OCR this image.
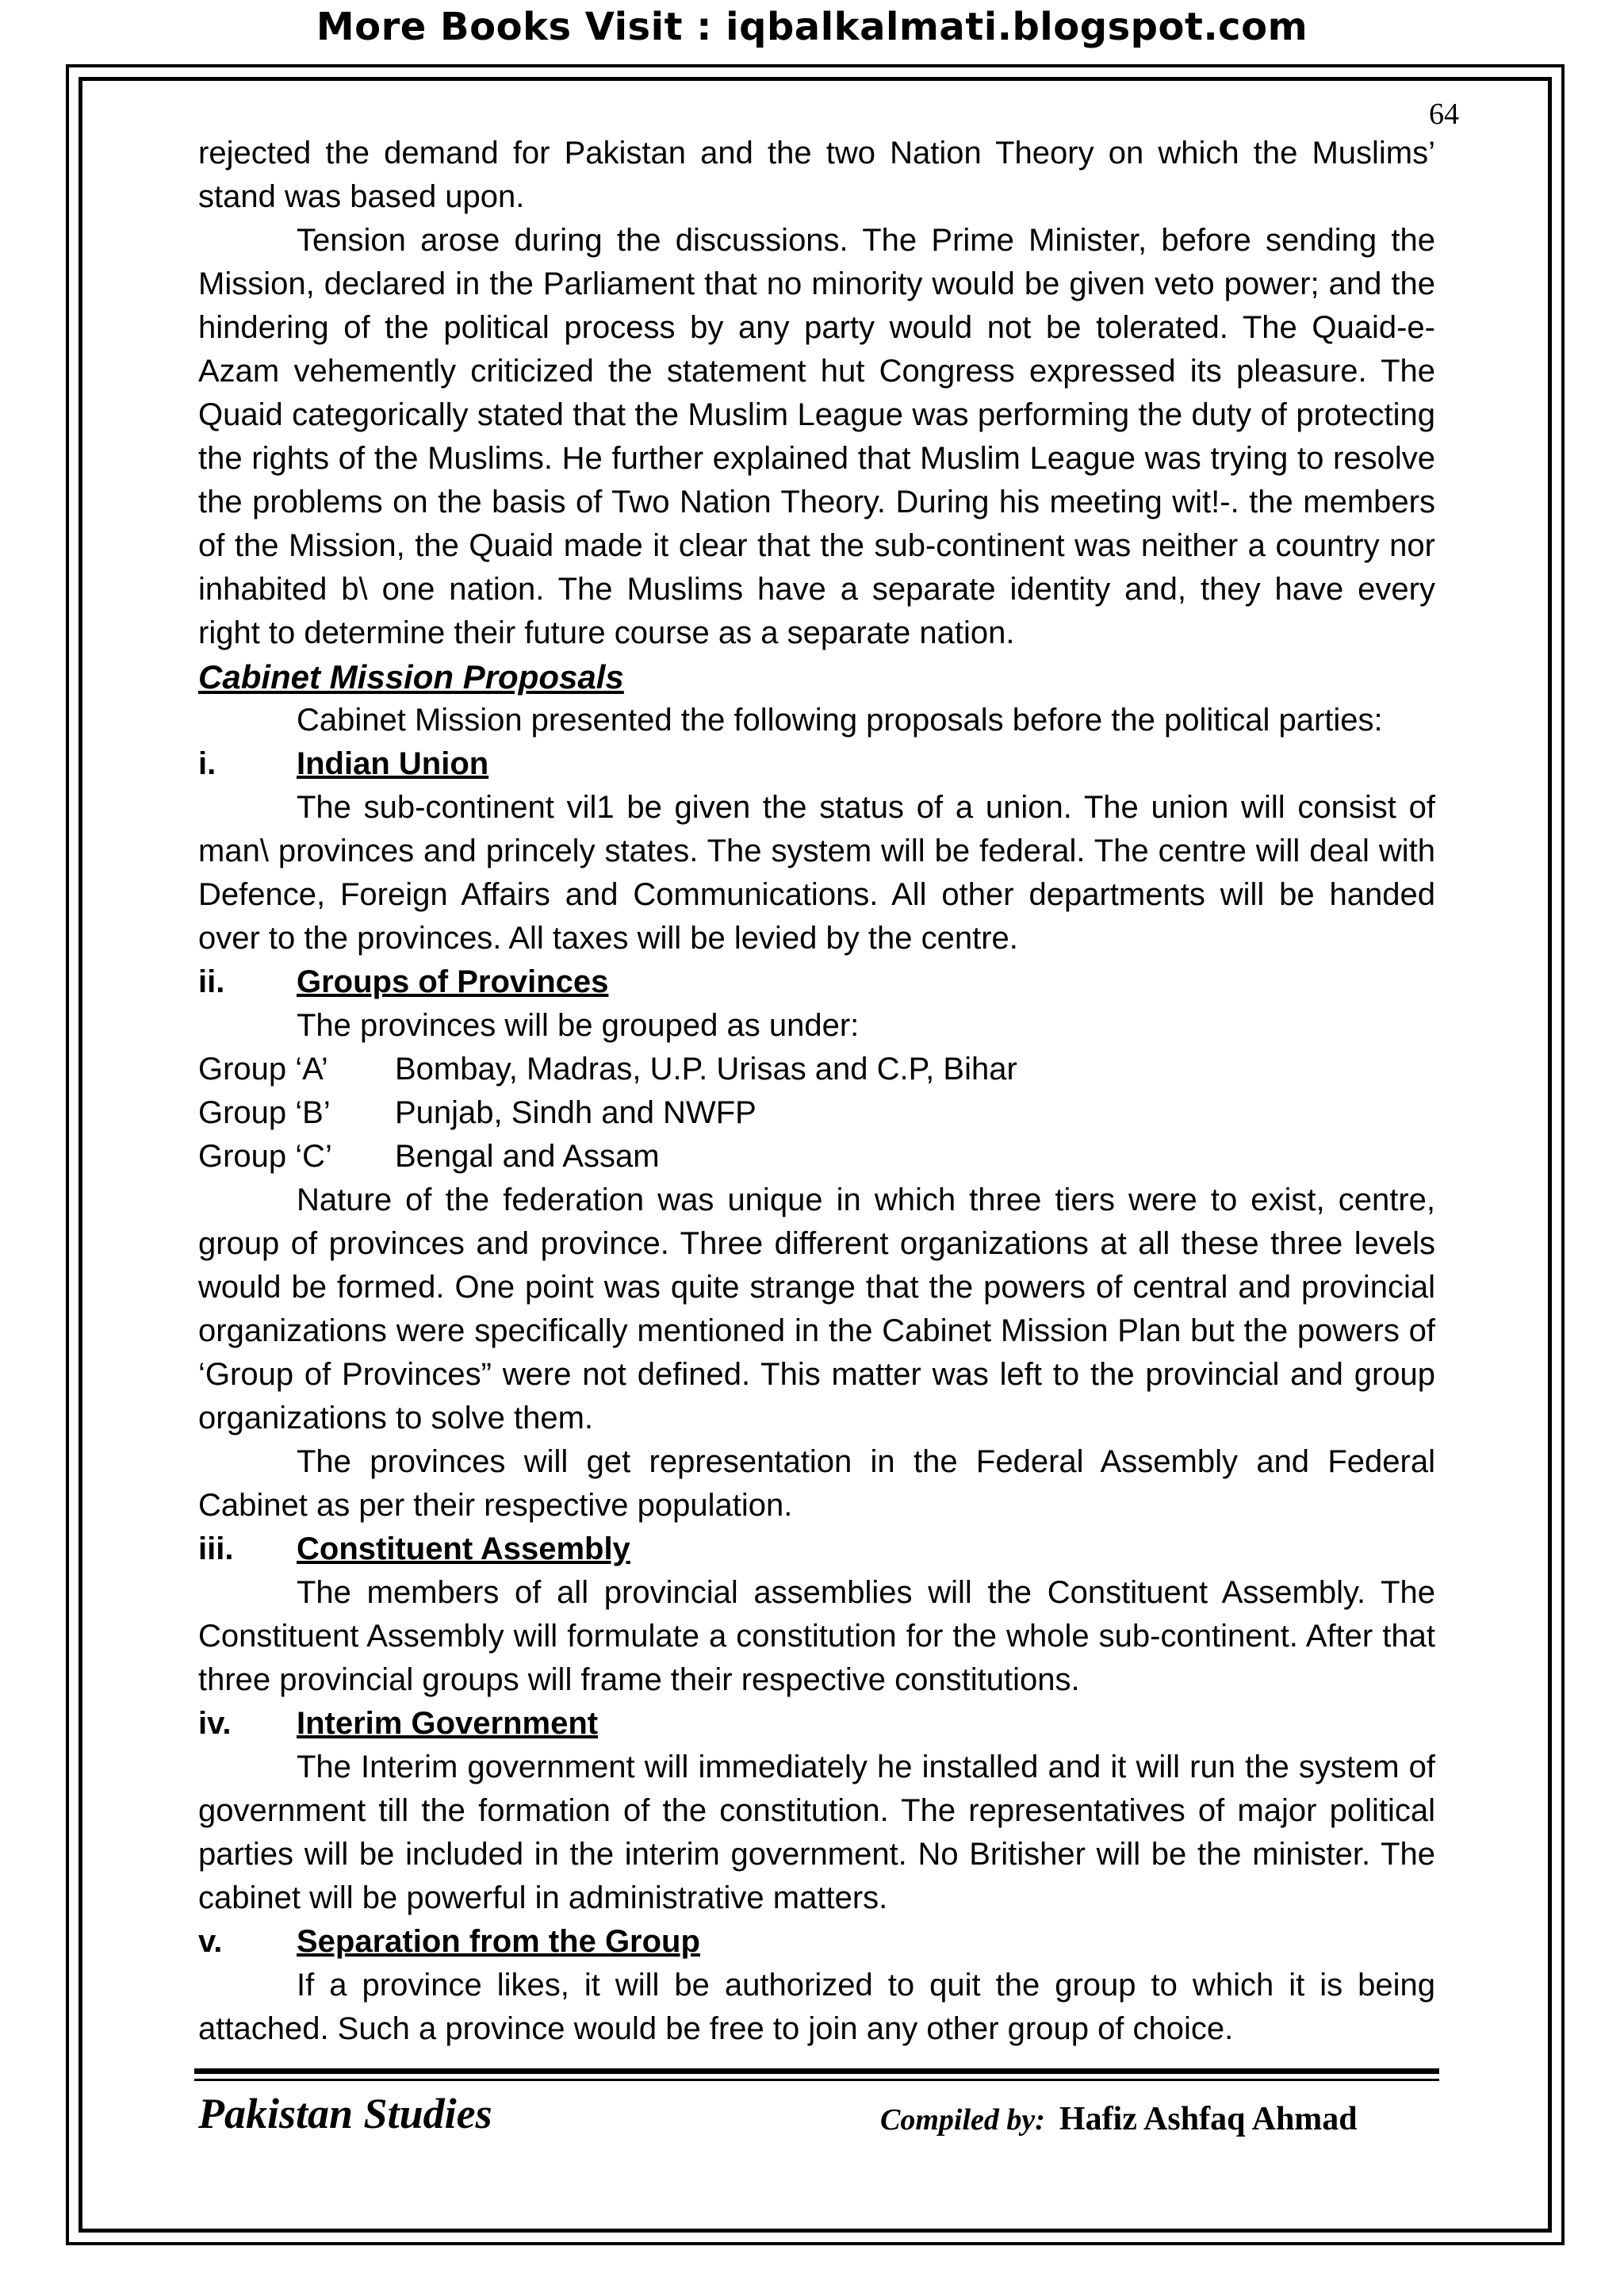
More Books Visit : iqbalkalmati.blogspot.com
64

rejected the demand for Pakistan and the two Nation Theory on which the Muslims’ stand was based upon.

Tension arose during the discussions. The Prime Minister, before sending the Mission, declared in the Parliament that no minority would be given veto power; and the hindering of the political process by any party would not be tolerated. The Quaid-e-Azam vehemently criticized the statement hut Congress expressed its pleasure. The Quaid categorically stated that the Muslim League was performing the duty of protecting the rights of the Muslims. He further explained that Muslim League was trying to resolve the problems on the basis of Two Nation Theory. During his meeting wit!-. the members of the Mission, the Quaid made it clear that the sub-continent was neither a country nor inhabited b\ one nation. The Muslims have a separate identity and, they have every right to determine their future course as a separate nation.

Cabinet Mission Proposals

Cabinet Mission presented the following proposals before the political parties:

i.	Indian Union

The sub-continent vil1 be given the status of a union. The union will consist of man\ provinces and princely states. The system will be federal. The centre will deal with Defence, Foreign Affairs and Communications. All other departments will be handed over to the provinces. All taxes will be levied by the centre.

ii.	Groups of Provinces

The provinces will be grouped as under:

Group ‘A’	Bombay, Madras, U.P. Urisas and C.P, Bihar
Group ‘B’	Punjab, Sindh and NWFP
Group ‘C’	Bengal and Assam

Nature of the federation was unique in which three tiers were to exist, centre, group of provinces and province. Three different organizations at all these three levels would be formed. One point was quite strange that the powers of central and provincial organizations were specifically mentioned in the Cabinet Mission Plan but the powers of ‘Group of Provinces” were not defined. This matter was left to the provincial and group organizations to solve them.

The provinces will get representation in the Federal Assembly and Federal Cabinet as per their respective population.

iii.	Constituent Assembly

The members of all provincial assemblies will the Constituent Assembly. The Constituent Assembly will formulate a constitution for the whole sub-continent. After that three provincial groups will frame their respective constitutions.

iv.	Interim Government

The Interim government will immediately he installed and it will run the system of government till the formation of the constitution. The representatives of major political parties will be included in the interim government. No Britisher will be the minister. The cabinet will be powerful in administrative matters.

v.	Separation from the Group

If a province likes, it will be authorized to quit the group to which it is being attached. Such a province would be free to join any other group of choice.

Pakistan Studies	Compiled by: Hafiz Ashfaq Ahmad
